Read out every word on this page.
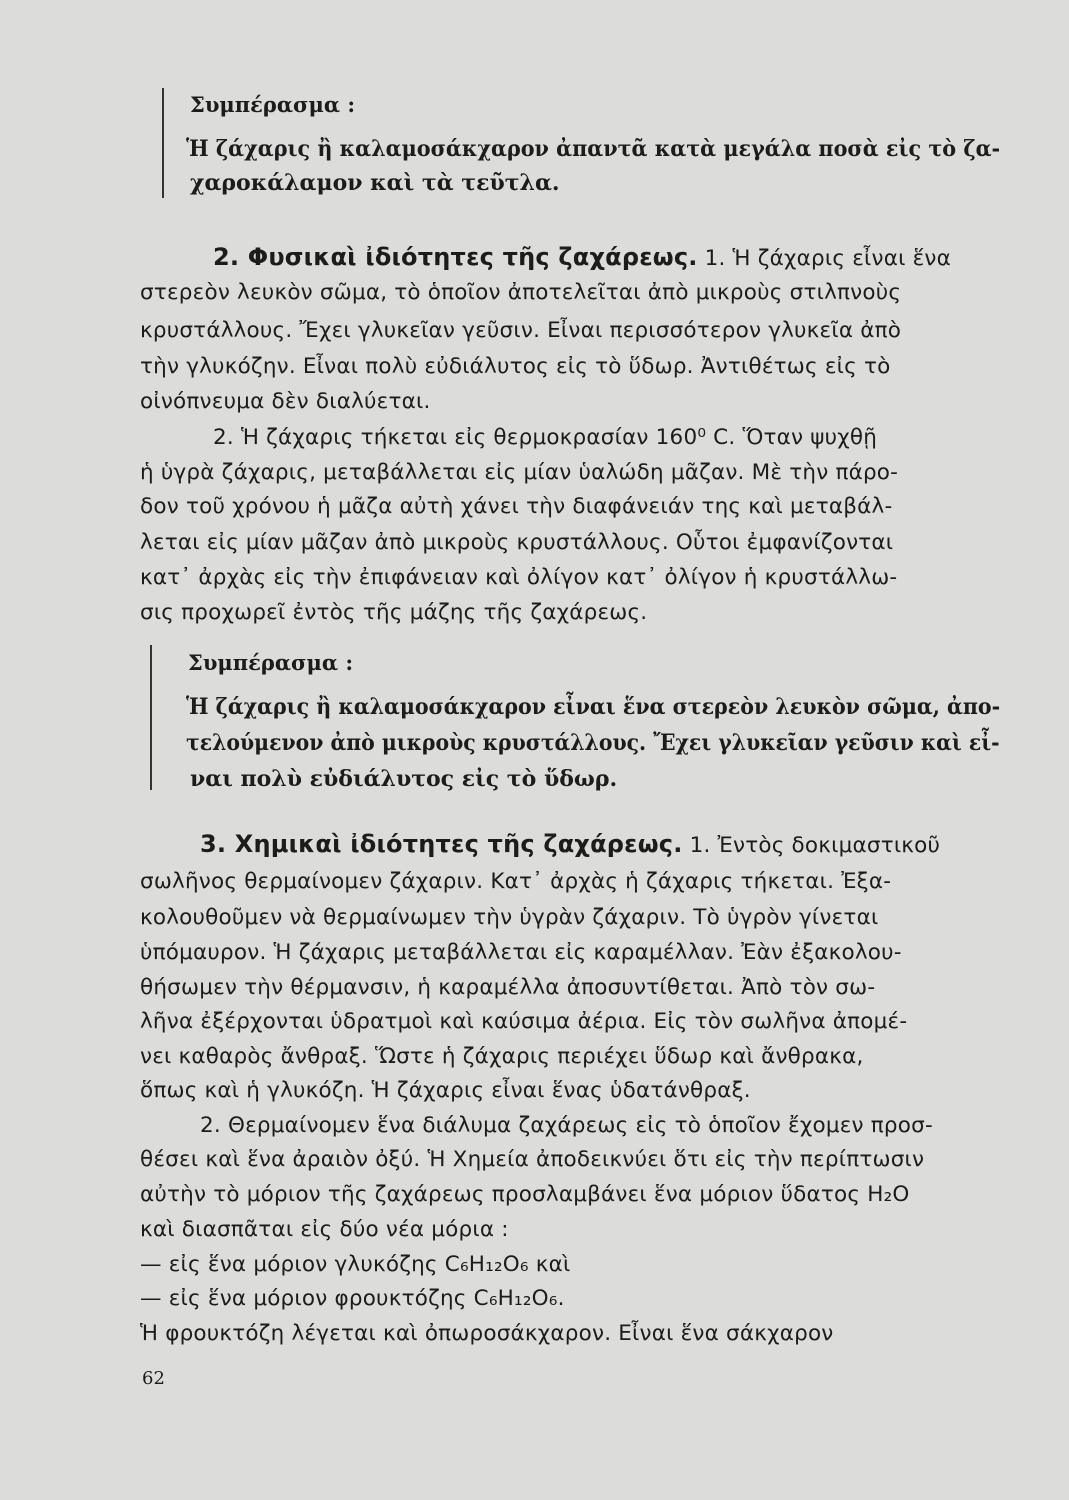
Συμπέρασμα :
Ἡ ζάχαρις ἢ καλαμοσάκχαρον ἀπαντᾶ κατὰ μεγάλα ποσὰ εἰς τὸ ζα-
χαροκάλαμον καὶ τὰ τεῦτλα.
2. Φυσικαὶ ἰδιότητες τῆς ζαχάρεως. 1. Ἡ ζάχαρις εἶναι ἕνα
στερεὸν λευκὸν σῶμα, τὸ ὁποῖον ἀποτελεῖται ἀπὸ μικροὺς στιλπνοὺς
κρυστάλλους. Ἔχει γλυκεῖαν γεῦσιν. Εἶναι περισσότερον γλυκεῖα ἀπὸ
τὴν γλυκόζην. Εἶναι πολὺ εὐδιάλυτος εἰς τὸ ὕδωρ. Ἀντιθέτως εἰς τὸ
οἰνόπνευμα δὲν διαλύεται.
2. Ἡ ζάχαρις τήκεται εἰς θερμοκρασίαν 160⁰ C. Ὅταν ψυχθῇ
ἡ ὑγρὰ ζάχαρις, μεταβάλλεται εἰς μίαν ὑαλώδη μᾶζαν. Μὲ τὴν πάρο-
δον τοῦ χρόνου ἡ μᾶζα αὐτὴ χάνει τὴν διαφάνειάν της καὶ μεταβάλ-
λεται εἰς μίαν μᾶζαν ἀπὸ μικροὺς κρυστάλλους. Οὗτοι ἐμφανίζονται
κατ᾽ ἀρχὰς εἰς τὴν ἐπιφάνειαν καὶ ὀλίγον κατ᾽ ὀλίγον ἡ κρυστάλλω-
σις προχωρεῖ ἐντὸς τῆς μάζης τῆς ζαχάρεως.
Συμπέρασμα :
Ἡ ζάχαρις ἢ καλαμοσάκχαρον εἶναι ἕνα στερεὸν λευκὸν σῶμα, ἀπο-
τελούμενον ἀπὸ μικροὺς κρυστάλλους. Ἔχει γλυκεῖαν γεῦσιν καὶ εἶ-
ναι πολὺ εὐδιάλυτος εἰς τὸ ὕδωρ.
3. Χημικαὶ ἰδιότητες τῆς ζαχάρεως. 1. Ἐντὸς δοκιμαστικοῦ
σωλῆνος θερμαίνομεν ζάχαριν. Κατ᾽ ἀρχὰς ἡ ζάχαρις τήκεται. Ἐξα-
κολουθοῦμεν νὰ θερμαίνωμεν τὴν ὑγρὰν ζάχαριν. Τὸ ὑγρὸν γίνεται
ὑπόμαυρον. Ἡ ζάχαρις μεταβάλλεται εἰς καραμέλλαν. Ἐὰν ἐξακολου-
θήσωμεν τὴν θέρμανσιν, ἡ καραμέλλα ἀποσυντίθεται. Ἀπὸ τὸν σω-
λῆνα ἐξέρχονται ὑδρατμοὶ καὶ καύσιμα ἀέρια. Εἰς τὸν σωλῆνα ἀπομέ-
νει καθαρὸς ἄνθραξ. Ὥστε ἡ ζάχαρις περιέχει ὕδωρ καὶ ἄνθρακα,
ὅπως καὶ ἡ γλυκόζη. Ἡ ζάχαρις εἶναι ἕνας ὑδατάνθραξ.
2. Θερμαίνομεν ἕνα διάλυμα ζαχάρεως εἰς τὸ ὁποῖον ἔχομεν προσ-
θέσει καὶ ἕνα ἀραιὸν ὀξύ. Ἡ Χημεία ἀποδεικνύει ὅτι εἰς τὴν περίπτωσιν
αὐτὴν τὸ μόριον τῆς ζαχάρεως προσλαμβάνει ἕνα μόριον ὕδατος H₂O
καὶ διασπᾶται εἰς δύο νέα μόρια :
— εἰς ἕνα μόριον γλυκόζης C₆H₁₂O₆ καὶ
— εἰς ἕνα μόριον φρουκτόζης C₆H₁₂O₆.
Ἡ φρουκτόζη λέγεται καὶ ὀπωροσάκχαρον. Εἶναι ἕνα σάκχαρον
62
